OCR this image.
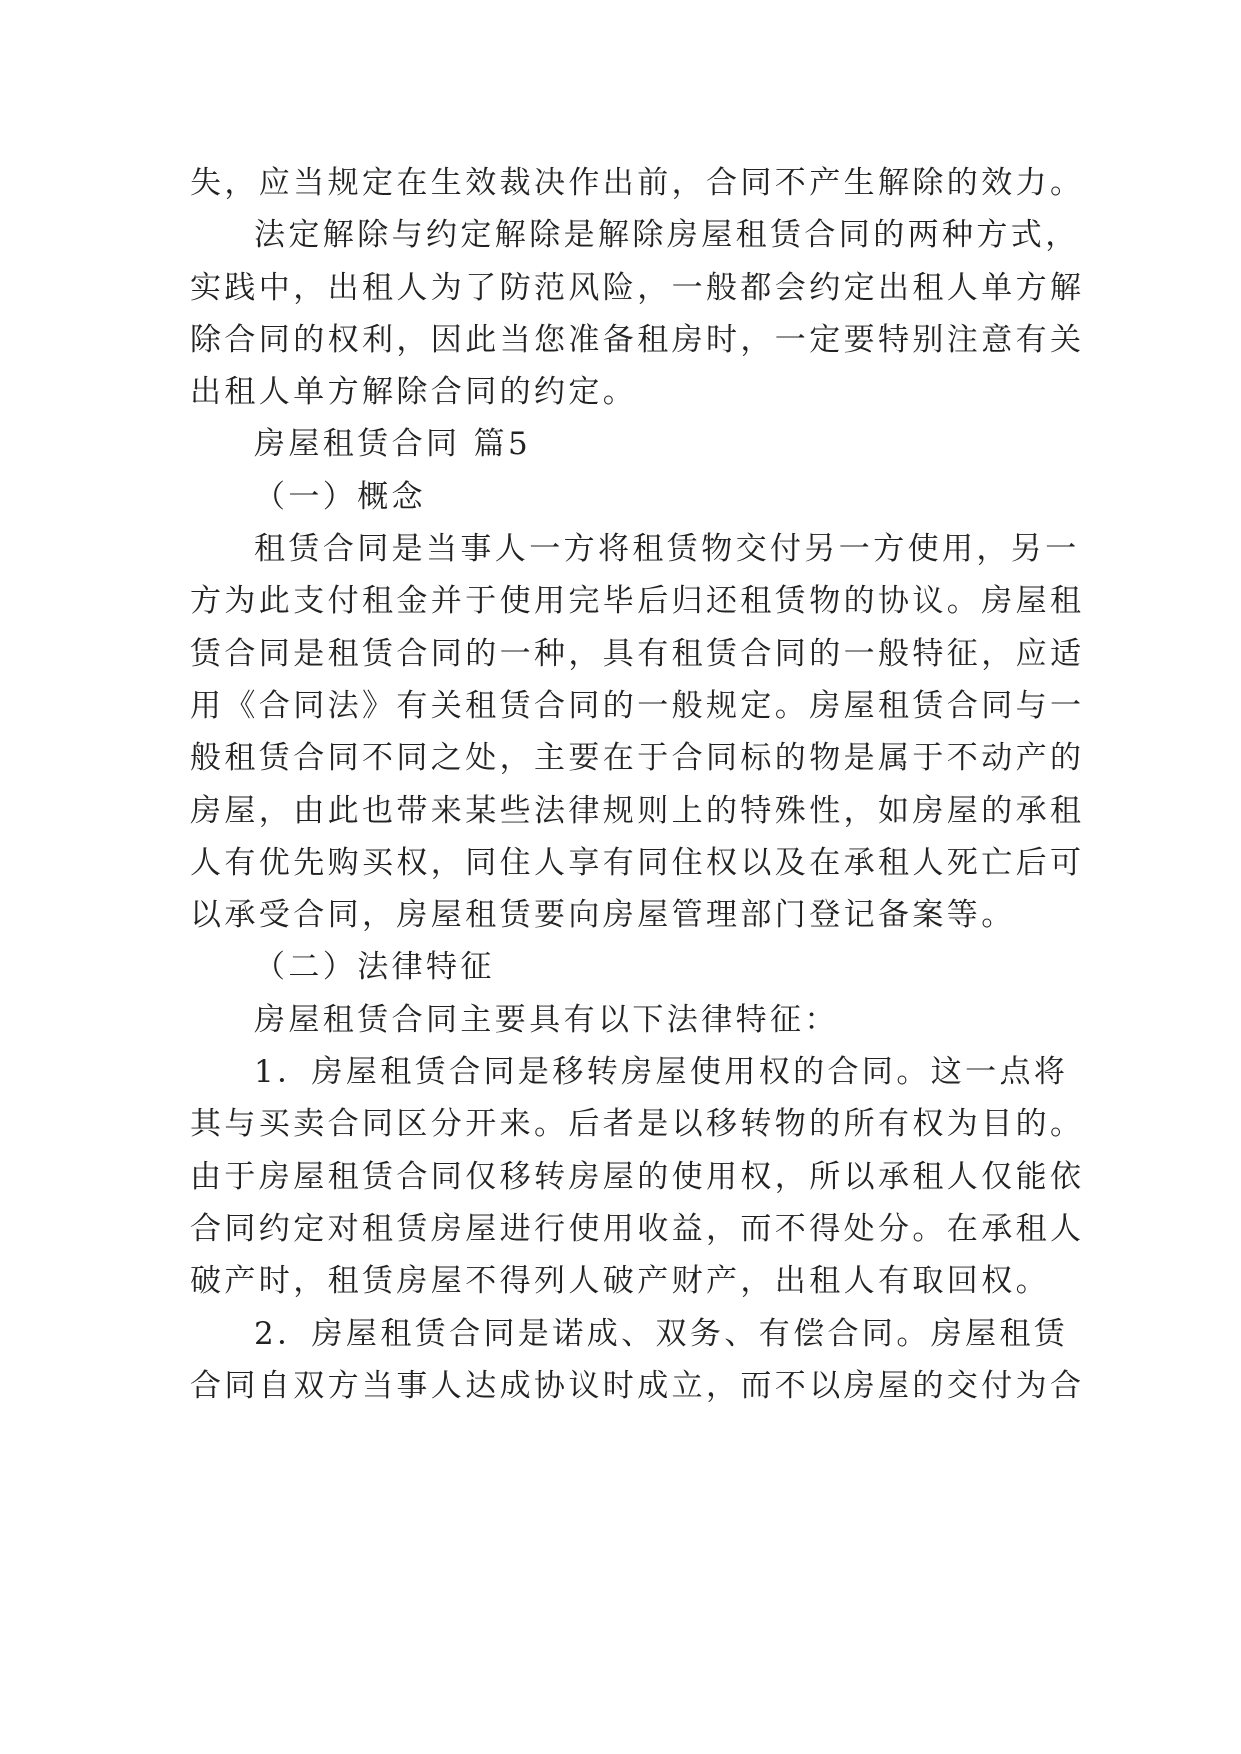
失，应当规定在生效裁决作出前，合同不产生解除的效力。

法定解除与约定解除是解除房屋租赁合同的两种方式，
实践中，出租人为了防范风险，一般都会约定出租人单方解
除合同的权利，因此当您准备租房时，一定要特别注意有关
出租人单方解除合同的约定。

房屋租赁合同 篇5

（一）概念

租赁合同是当事人一方将租赁物交付另一方使用，另一
方为此支付租金并于使用完毕后归还租赁物的协议。房屋租
赁合同是租赁合同的一种，具有租赁合同的一般特征，应适
用《合同法》有关租赁合同的一般规定。房屋租赁合同与一
般租赁合同不同之处，主要在于合同标的物是属于不动产的
房屋，由此也带来某些法律规则上的特殊性，如房屋的承租
人有优先购买权，同住人享有同住权以及在承租人死亡后可
以承受合同，房屋租赁要向房屋管理部门登记备案等。

（二）法律特征

房屋租赁合同主要具有以下法律特征：

1．房屋租赁合同是移转房屋使用权的合同。这一点将
其与买卖合同区分开来。后者是以移转物的所有权为目的。
由于房屋租赁合同仅移转房屋的使用权，所以承租人仅能依
合同约定对租赁房屋进行使用收益，而不得处分。在承租人
破产时，租赁房屋不得列人破产财产，出租人有取回权。

2．房屋租赁合同是诺成、双务、有偿合同。房屋租赁
合同自双方当事人达成协议时成立，而不以房屋的交付为合
